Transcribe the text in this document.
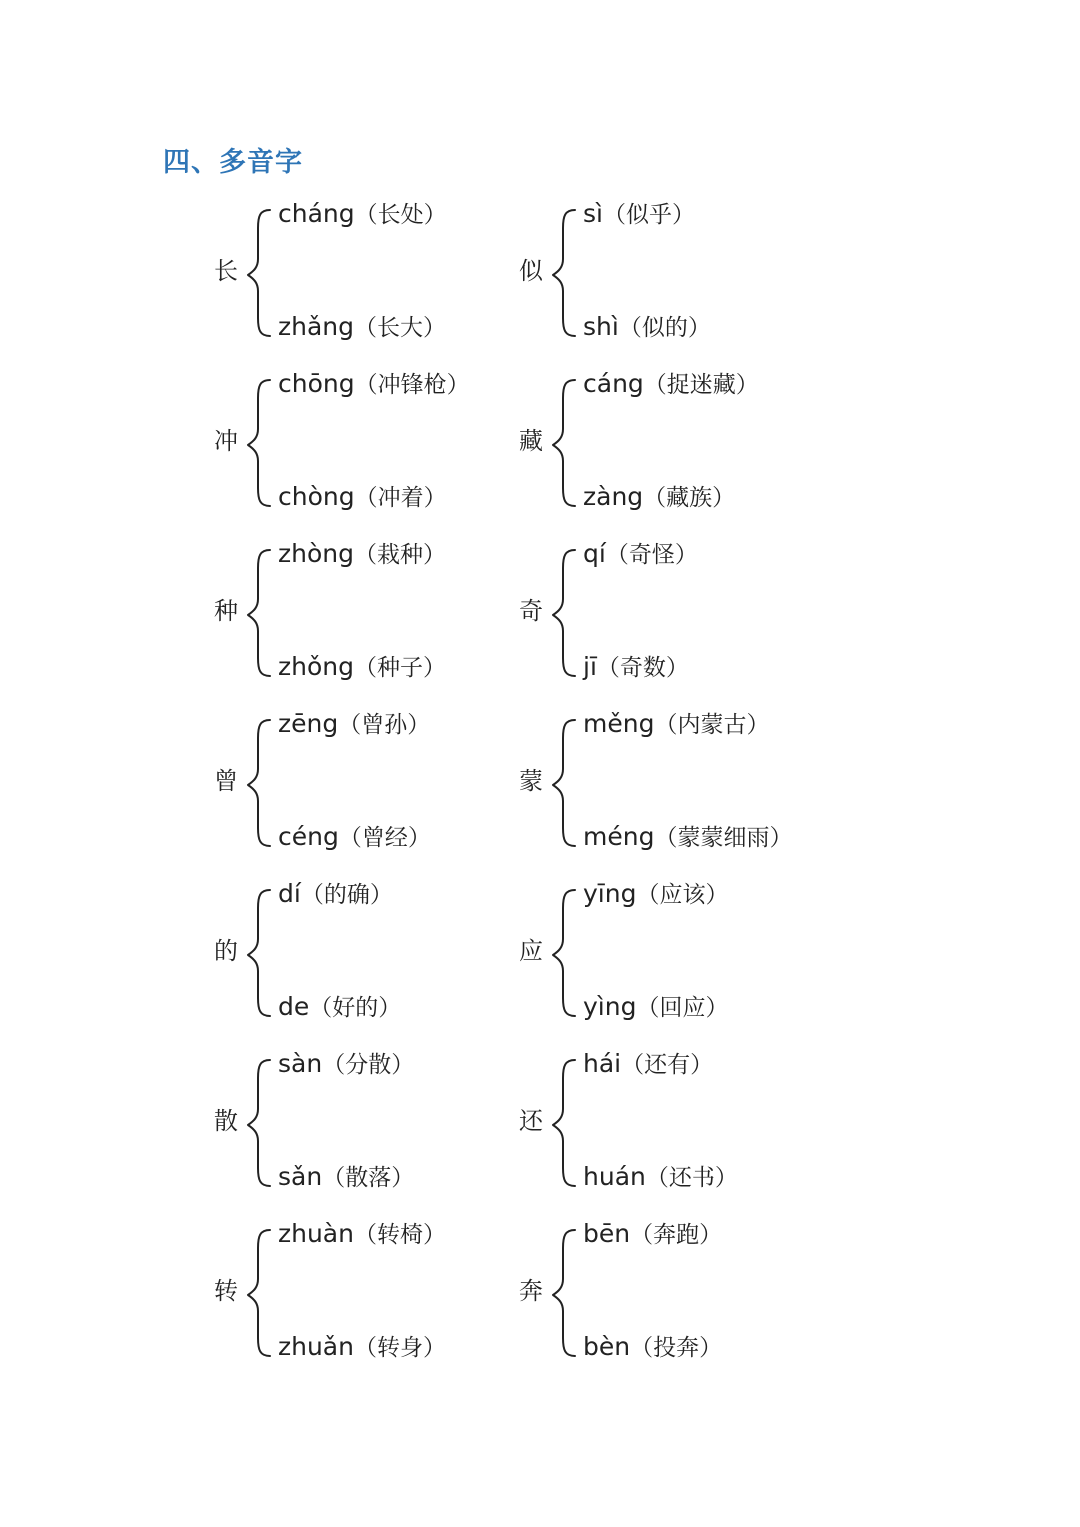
四、多音字
长
cháng（长处）
zhǎng（长大）
似
sì（似乎）
shì（似的）
冲
chōng（冲锋枪）
chòng（冲着）
藏
cáng（捉迷藏）
zàng（藏族）
种
zhòng（栽种）
zhǒng（种子）
奇
qí（奇怪）
jī（奇数）
曾
zēng（曾孙）
céng（曾经）
蒙
měng（内蒙古）
méng（蒙蒙细雨）
的
dí（的确）
de（好的）
应
yīng（应该）
yìng（回应）
散
sàn（分散）
sǎn（散落）
还
hái（还有）
huán（还书）
转
zhuàn（转椅）
zhuǎn（转身）
奔
bēn（奔跑）
bèn（投奔）
